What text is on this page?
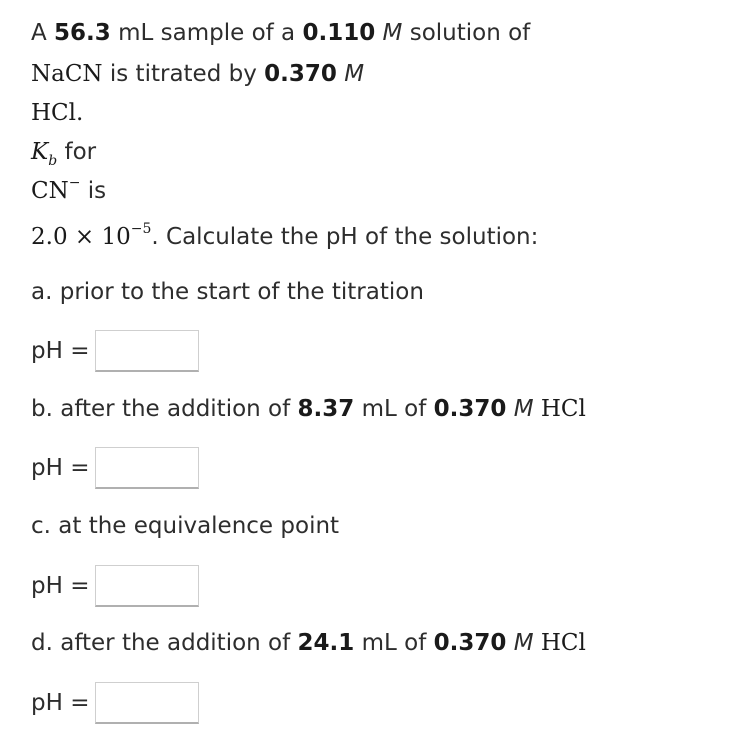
A 56.3 mL sample of a 0.110 M solution of
NaCN is titrated by 0.370 M
HCl.
$K_b$ for
CN− is
$2.0 \times 10^{-5}$. Calculate the pH of the solution:
a. prior to the start of the titration
pH =
b. after the addition of 8.37 mL of 0.370 M HCl
pH =
c. at the equivalence point
pH =
d. after the addition of 24.1 mL of 0.370 M HCl
pH =
